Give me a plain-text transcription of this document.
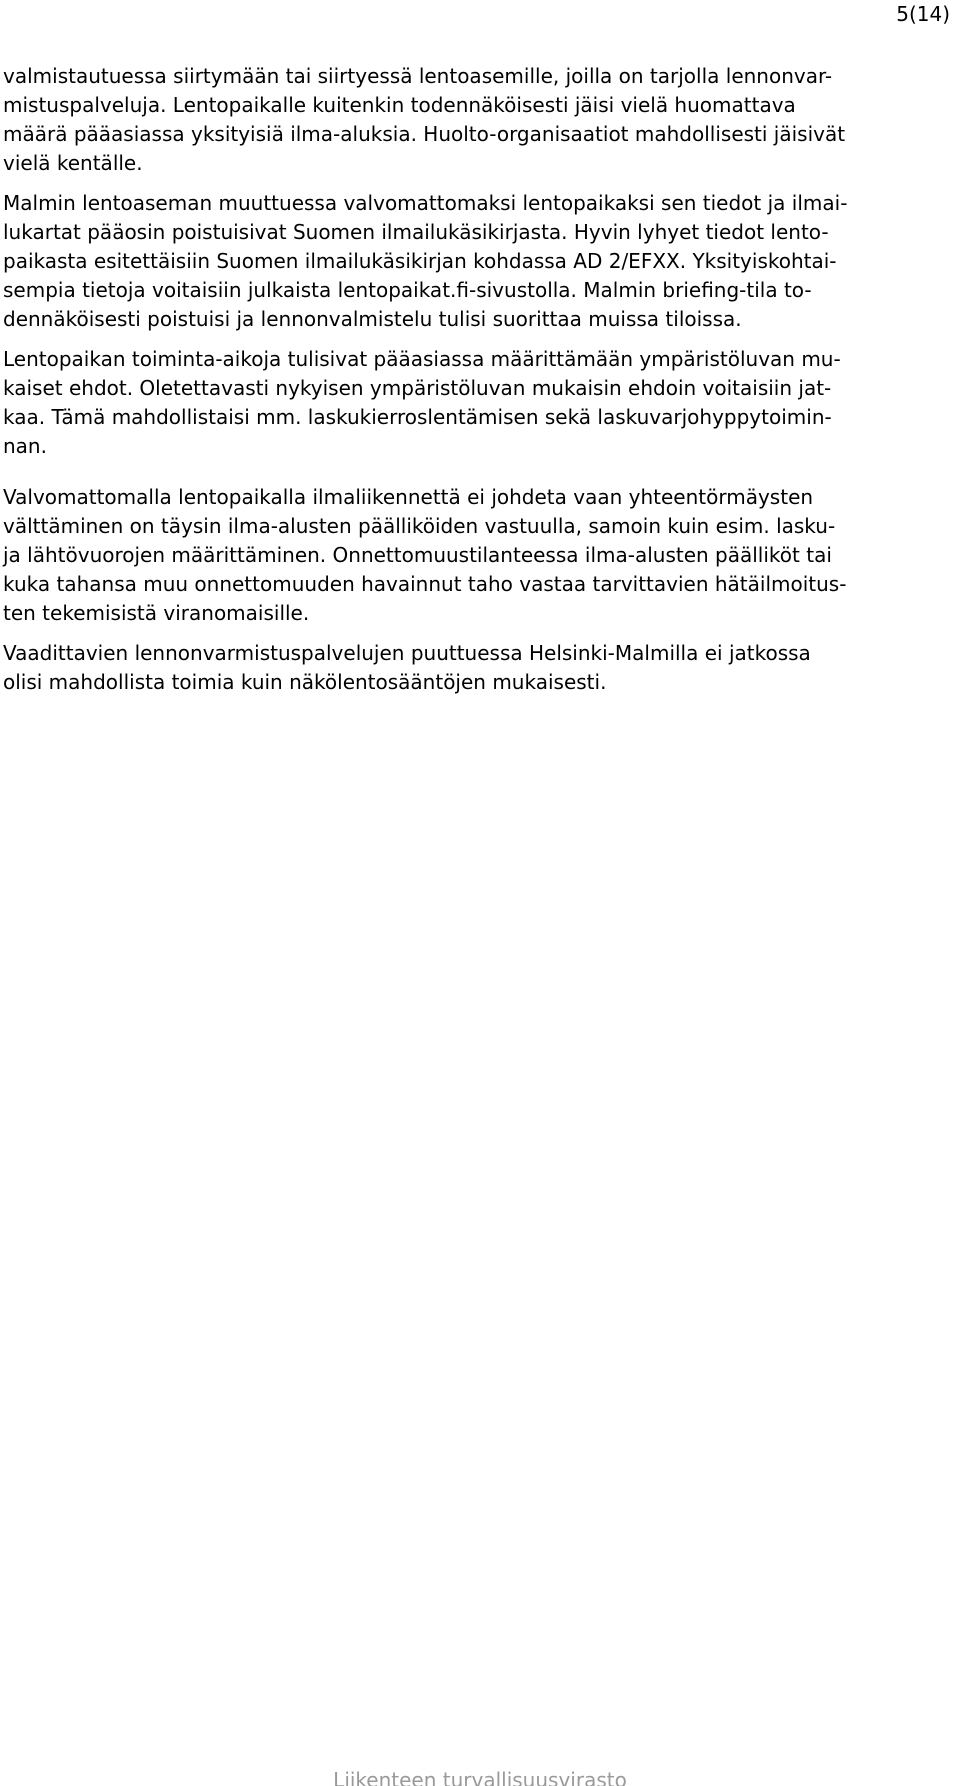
5(14)
valmistautuessa siirtymään tai siirtyessä lentoasemille, joilla on tarjolla lennonvar-
mistuspalveluja. Lentopaikalle kuitenkin todennäköisesti jäisi vielä huomattava
määrä pääasiassa yksityisiä ilma-aluksia. Huolto-organisaatiot mahdollisesti jäisivät
vielä kentälle.
Malmin lentoaseman muuttuessa valvomattomaksi lentopaikaksi sen tiedot ja ilmai-
lukartat pääosin poistuisivat Suomen ilmailukäsikirjasta. Hyvin lyhyet tiedot lento-
paikasta esitettäisiin Suomen ilmailukäsikirjan kohdassa AD 2/EFXX. Yksityiskohtai-
sempia tietoja voitaisiin julkaista lentopaikat.fi-sivustolla. Malmin briefing-tila to-
dennäköisesti poistuisi ja lennonvalmistelu tulisi suorittaa muissa tiloissa.
Lentopaikan toiminta-aikoja tulisivat pääasiassa määrittämään ympäristöluvan mu-
kaiset ehdot. Oletettavasti nykyisen ympäristöluvan mukaisin ehdoin voitaisiin jat-
kaa. Tämä mahdollistaisi mm. laskukierroslentämisen sekä laskuvarjohyppytoimin-
nan.
Valvomattomalla lentopaikalla ilmaliikennettä ei johdeta vaan yhteentörmäysten
välttäminen on täysin ilma-alusten päälliköiden vastuulla, samoin kuin esim. lasku-
ja lähtövuorojen määrittäminen. Onnettomuustilanteessa ilma-alusten päälliköt tai
kuka tahansa muu onnettomuuden havainnut taho vastaa tarvittavien hätäilmoitus-
ten tekemisistä viranomaisille.
Vaadittavien lennonvarmistuspalvelujen puuttuessa Helsinki-Malmilla ei jatkossa
olisi mahdollista toimia kuin näkölentosääntöjen mukaisesti.
Liikenteen turvallisuusvirasto
